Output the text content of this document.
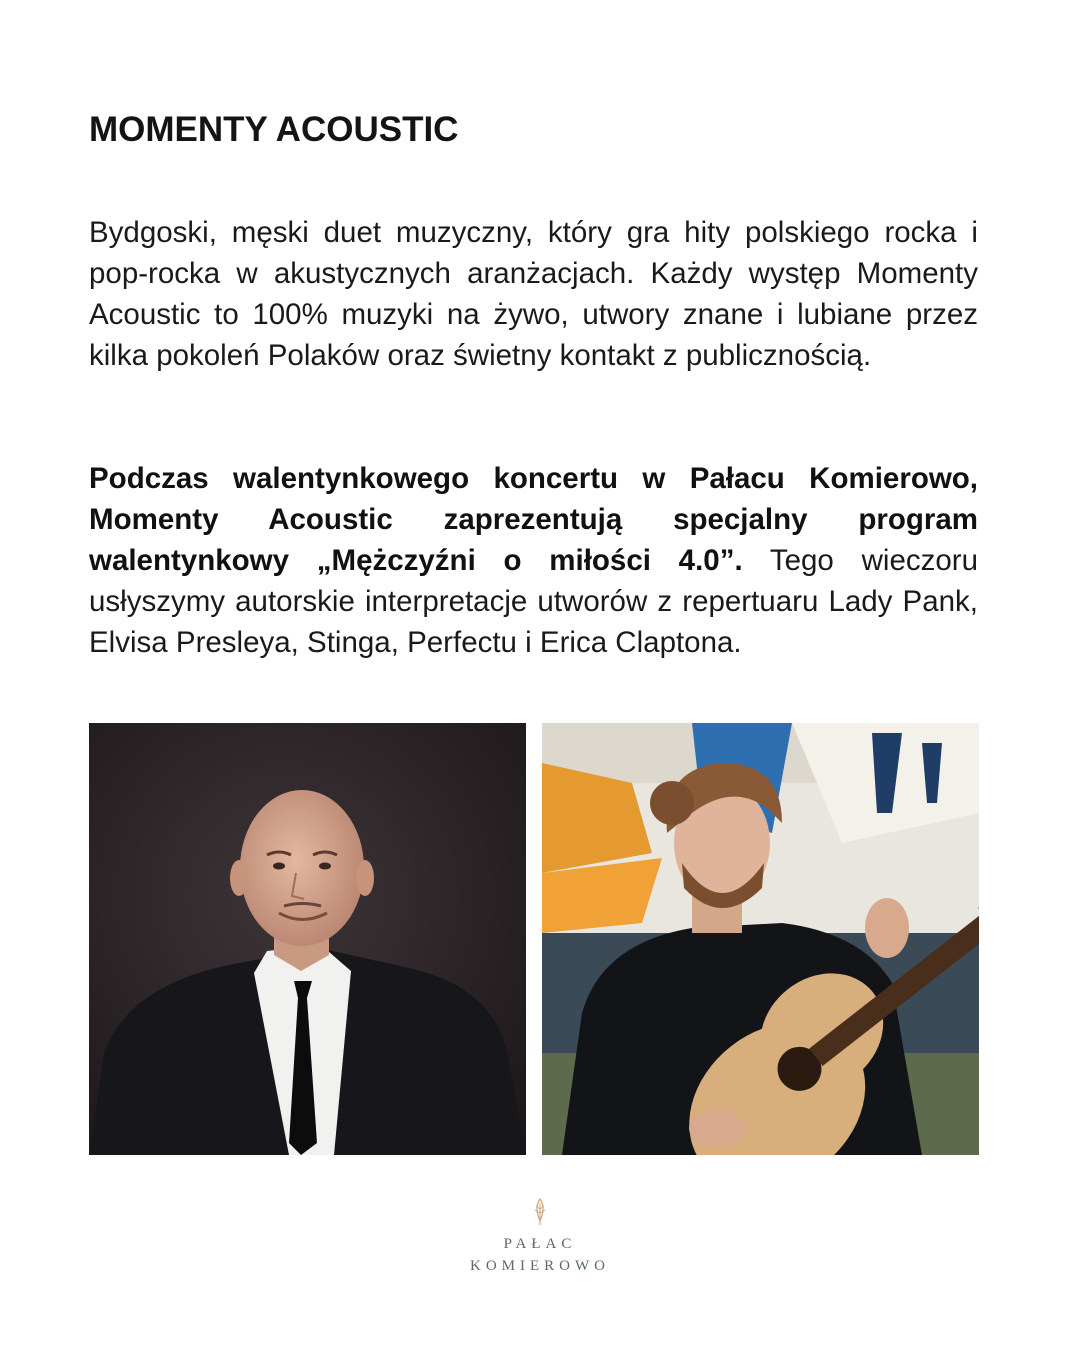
MOMENTY ACOUSTIC

Bydgoski, męski duet muzyczny, który gra hity polskiego rocka i pop-rocka w akustycznych aranżacjach. Każdy występ Momenty Acoustic to 100% muzyki na żywo, utwory znane i lubiane przez kilka pokoleń Polaków oraz świetny kontakt z publicznością.

Podczas walentynkowego koncertu w Pałacu Komierowo, Momenty Acoustic zaprezentują specjalny program walentynkowy „Mężczyźni o miłości 4.0”. Tego wieczoru usłyszymy autorskie interpretacje utworów z repertuaru Lady Pank, Elvisa Presleya, Stinga, Perfectu i Erica Claptona.

PAŁAC
KOMIEROWO
